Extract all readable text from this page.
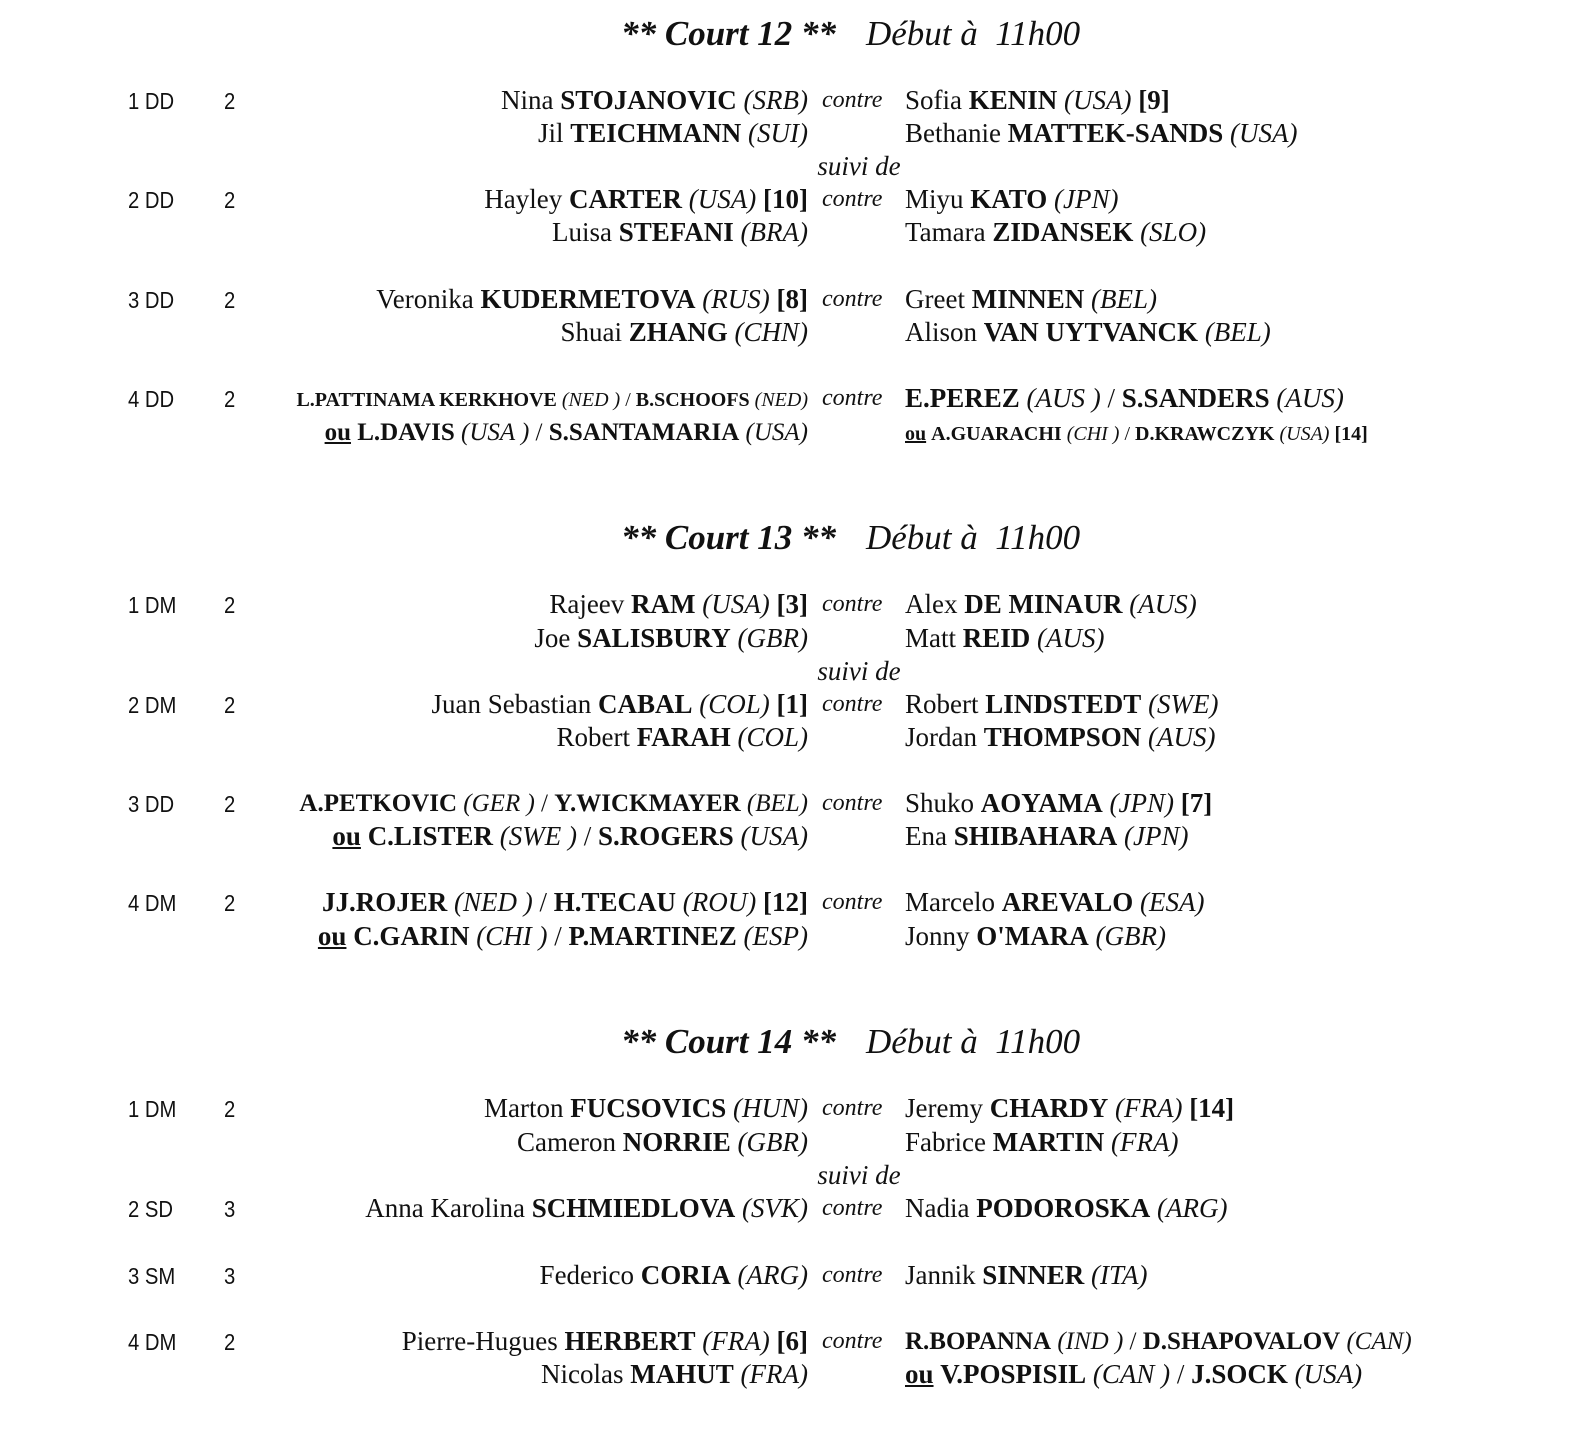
** Court 12 ** Début à  11h00
1 DD 2	Nina STOJANOVIC (SRB) contre Sofia KENIN (USA) [9]
Jil TEICHMANN (SUI)	Bethanie MATTEK-SANDS (USA)
suivi de
2 DD 2	Hayley CARTER (USA) [10] contre Miyu KATO (JPN)
Luisa STEFANI (BRA)	Tamara ZIDANSEK (SLO)
3 DD 2	Veronika KUDERMETOVA (RUS) [8] contre Greet MINNEN (BEL)
Shuai ZHANG (CHN)	Alison VAN UYTVANCK (BEL)
4 DD 2	L.PATTINAMA KERKHOVE (NED ) / B.SCHOOFS (NED) contre E.PEREZ (AUS ) / S.SANDERS (AUS)
ou L.DAVIS (USA ) / S.SANTAMARIA (USA)	ou A.GUARACHI (CHI ) / D.KRAWCZYK (USA) [14]
** Court 13 ** Début à  11h00
1 DM 2	Rajeev RAM (USA) [3] contre Alex DE MINAUR (AUS)
Joe SALISBURY (GBR)	Matt REID (AUS)
suivi de
2 DM 2	Juan Sebastian CABAL (COL) [1] contre Robert LINDSTEDT (SWE)
Robert FARAH (COL)	Jordan THOMPSON (AUS)
3 DD 2	A.PETKOVIC (GER ) / Y.WICKMAYER (BEL) contre Shuko AOYAMA (JPN) [7]
ou C.LISTER (SWE ) / S.ROGERS (USA)	Ena SHIBAHARA (JPN)
4 DM 2	JJ.ROJER (NED ) / H.TECAU (ROU) [12] contre Marcelo AREVALO (ESA)
ou C.GARIN (CHI ) / P.MARTINEZ (ESP)	Jonny O'MARA (GBR)
** Court 14 ** Début à  11h00
1 DM 2	Marton FUCSOVICS (HUN) contre Jeremy CHARDY (FRA) [14]
Cameron NORRIE (GBR)	Fabrice MARTIN (FRA)
suivi de
2 SD 3	Anna Karolina SCHMIEDLOVA (SVK) contre Nadia PODOROSKA (ARG)
3 SM 3	Federico CORIA (ARG) contre Jannik SINNER (ITA)
4 DM 2	Pierre-Hugues HERBERT (FRA) [6] contre R.BOPANNA (IND ) / D.SHAPOVALOV (CAN)
Nicolas MAHUT (FRA)	ou V.POSPISIL (CAN ) / J.SOCK (USA)
